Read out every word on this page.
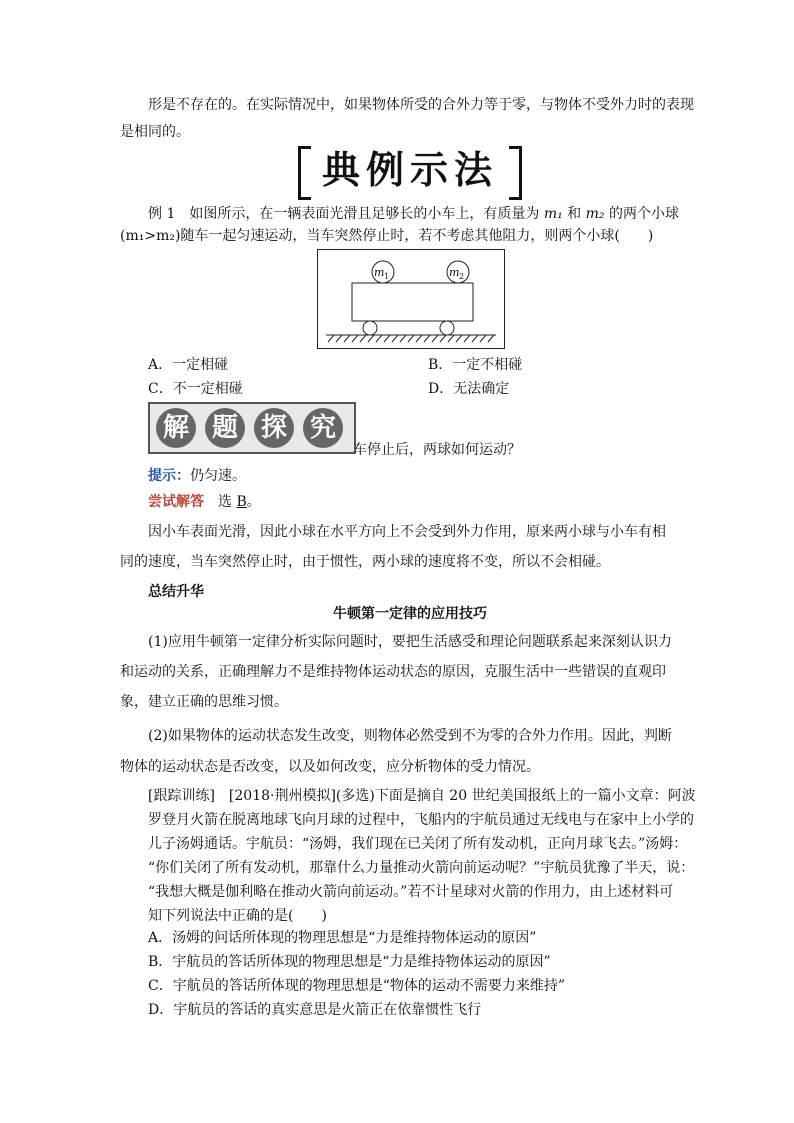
形是不存在的。在实际情况中，如果物体所受的合外力等于零，与物体不受外力时的表现
是相同的。
典例示法
例 1　如图所示，在一辆表面光滑且足够长的小车上，有质量为 m₁ 和 m₂ 的两个小球
(m₁>m₂)随车一起匀速运动，当车突然停止时，若不考虑其他阻力，则两个小球(　　)
m 1	m 2
A．一定相碰	B．一定不相碰
C．不一定相碰	D．无法确定
解 题 探 究
车停止后，两球如何运动？
提示：仍匀速。
尝试解答　选 B。
因小车表面光滑，因此小球在水平方向上不会受到外力作用，原来两小球与小车有相
同的速度，当车突然停止时，由于惯性，两小球的速度将不变，所以不会相碰。
总结升华
牛顿第一定律的应用技巧
(1)应用牛顿第一定律分析实际问题时，要把生活感受和理论问题联系起来深刻认识力
和运动的关系，正确理解力不是维持物体运动状态的原因，克服生活中一些错误的直观印
象，建立正确的思维习惯。
(2)如果物体的运动状态发生改变，则物体必然受到不为零的合外力作用。因此，判断
物体的运动状态是否改变，以及如何改变，应分析物体的受力情况。
[跟踪训练]　[2018·荆州模拟](多选)下面是摘自 20 世纪美国报纸上的一篇小文章：阿波
罗登月火箭在脱离地球飞向月球的过程中，飞船内的宇航员通过无线电与在家中上小学的
儿子汤姆通话。宇航员：“汤姆，我们现在已关闭了所有发动机，正向月球飞去。”汤姆：
“你们关闭了所有发动机，那靠什么力量推动火箭向前运动呢？”宇航员犹豫了半天，说：
“我想大概是伽利略在推动火箭向前运动。”若不计星球对火箭的作用力，由上述材料可
知下列说法中正确的是(　　)
A．汤姆的问话所体现的物理思想是“力是维持物体运动的原因”
B．宇航员的答话所体现的物理思想是“力是维持物体运动的原因”
C．宇航员的答话所体现的物理思想是“物体的运动不需要力来维持”
D．宇航员的答话的真实意思是火箭正在依靠惯性飞行
